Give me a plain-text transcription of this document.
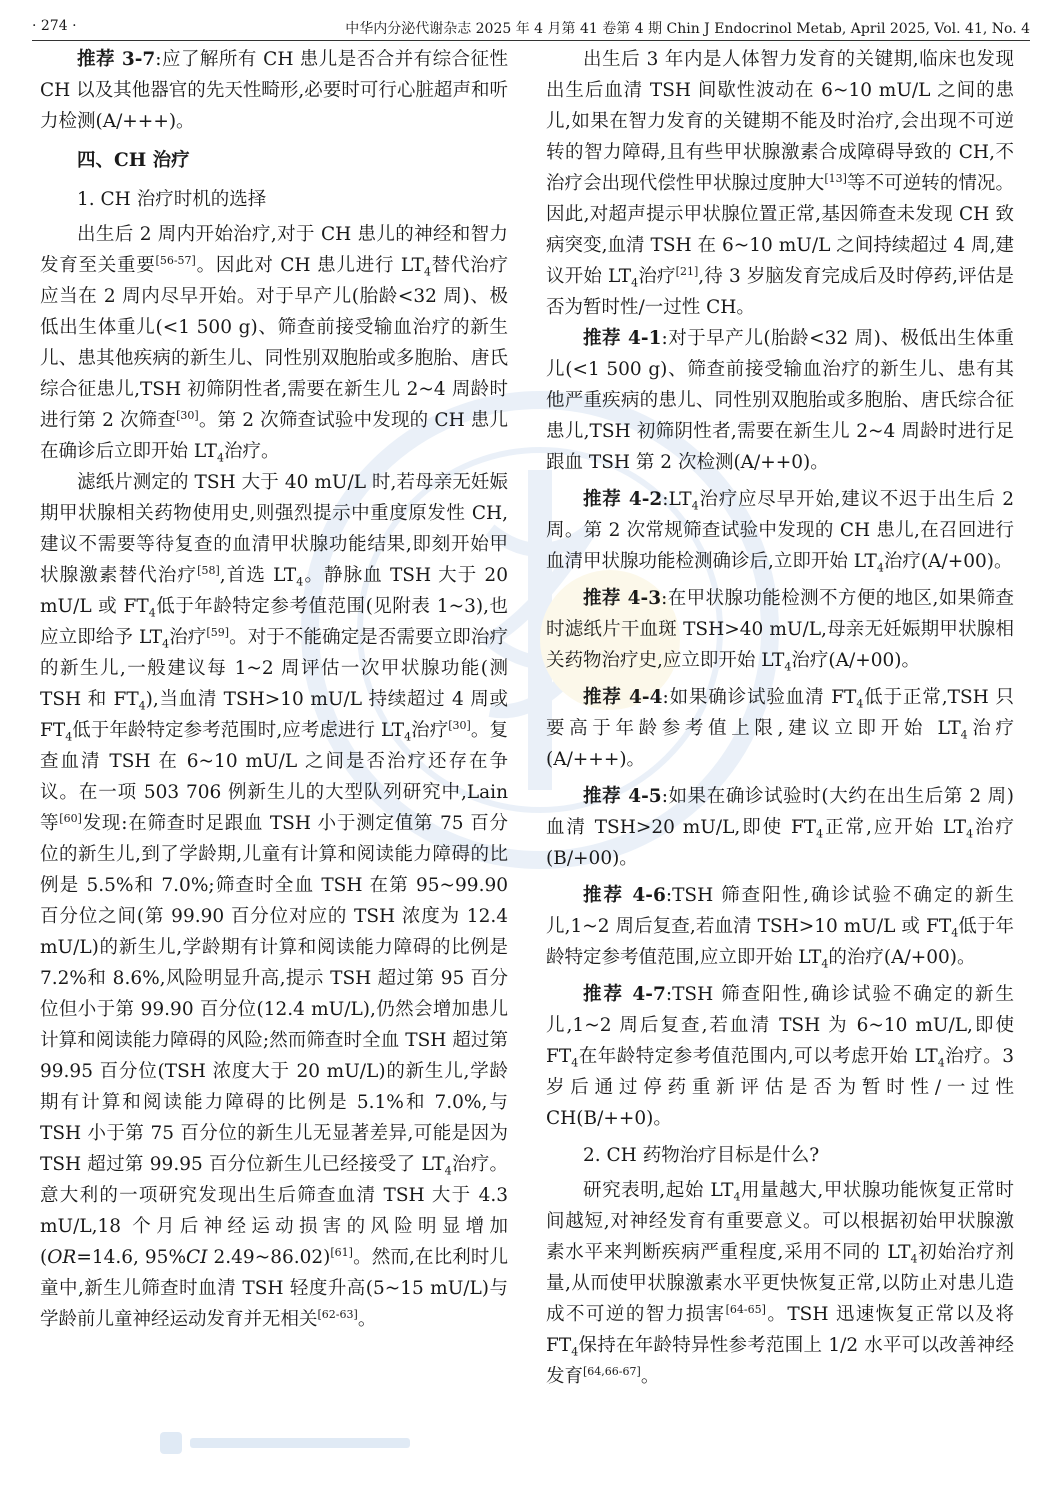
· 274 ·	中华内分泌代谢杂志 2025 年 4 月第 41 卷第 4 期 Chin J Endocrinol Metab, April 2025, Vol. 41, No. 4

推荐 3-7:应了解所有 CH 患儿是否合并有综合征性 CH 以及其他器官的先天性畸形,必要时可行心脏超声和听力检测(A/+++)。

四、CH 治疗

1. CH 治疗时机的选择

出生后 2 周内开始治疗,对于 CH 患儿的神经和智力发育至关重要[56-57]。因此对 CH 患儿进行 $LT_4$替代治疗应当在 2 周内尽早开始。对于早产儿(胎龄<32 周)、极低出生体重儿(<1 500 g)、筛查前接受输血治疗的新生儿、患其他疾病的新生儿、同性别双胞胎或多胞胎、唐氏综合征患儿,TSH 初筛阴性者,需要在新生儿 2~4 周龄时进行第 2 次筛查[30]。第 2 次筛查试验中发现的 CH 患儿在确诊后立即开始 $LT_4$治疗。

滤纸片测定的 TSH 大于 40 mU/L 时,若母亲无妊娠期甲状腺相关药物使用史,则强烈提示中重度原发性 CH,建议不需要等待复查的血清甲状腺功能结果,即刻开始甲状腺激素替代治疗[58],首选 $LT_4$。静脉血 TSH 大于 20 mU/L 或 $FT_4$低于年龄特定参考值范围(见附表 1~3),也应立即给予 $LT_4$治疗[59]。对于不能确定是否需要立即治疗的新生儿,一般建议每 1~2 周评估一次甲状腺功能(测 TSH 和 $FT_4$),当血清 TSH>10 mU/L 持续超过 4 周或 $FT_4$低于年龄特定参考范围时,应考虑进行 $LT_4$治疗[30]。复查血清 TSH 在 6~10 mU/L 之间是否治疗还存在争议。在一项 503 706 例新生儿的大型队列研究中,Lain 等[60]发现:在筛查时足跟血 TSH 小于测定值第 75 百分位的新生儿,到了学龄期,儿童有计算和阅读能力障碍的比例是 5.5%和 7.0%;筛查时全血 TSH 在第 95~99.90 百分位之间(第 99.90 百分位对应的 TSH 浓度为 12.4 mU/L)的新生儿,学龄期有计算和阅读能力障碍的比例是 7.2%和 8.6%,风险明显升高,提示 TSH 超过第 95 百分位但小于第 99.90 百分位(12.4 mU/L),仍然会增加患儿计算和阅读能力障碍的风险;然而筛查时全血 TSH 超过第 99.95 百分位(TSH 浓度大于 20 mU/L)的新生儿,学龄期有计算和阅读能力障碍的比例是 5.1%和 7.0%,与 TSH 小于第 75 百分位的新生儿无显著差异,可能是因为 TSH 超过第 99.95 百分位新生儿已经接受了 $LT_4$治疗。意大利的一项研究发现出生后筛查血清 TSH 大于 4.3 mU/L,18 个月后神经运动损害的风险明显增加(OR=14.6, 95%CI 2.49~86.02)[61]。然而,在比利时儿童中,新生儿筛查时血清 TSH 轻度升高(5~15 mU/L)与学龄前儿童神经运动发育并无相关[62-63]。

出生后 3 年内是人体智力发育的关键期,临床也发现出生后血清 TSH 间歇性波动在 6~10 mU/L 之间的患儿,如果在智力发育的关键期不能及时治疗,会出现不可逆转的智力障碍,且有些甲状腺激素合成障碍导致的 CH,不治疗会出现代偿性甲状腺过度肿大[13]等不可逆转的情况。因此,对超声提示甲状腺位置正常,基因筛查未发现 CH 致病突变,血清 TSH 在 6~10 mU/L 之间持续超过 4 周,建议开始 $LT_4$治疗[21],待 3 岁脑发育完成后及时停药,评估是否为暂时性/一过性 CH。

推荐 4-1:对于早产儿(胎龄<32 周)、极低出生体重儿(<1 500 g)、筛查前接受输血治疗的新生儿、患有其他严重疾病的患儿、同性别双胞胎或多胞胎、唐氏综合征患儿,TSH 初筛阴性者,需要在新生儿 2~4 周龄时进行足跟血 TSH 第 2 次检测(A/++0)。

推荐 $4-2:LT_4$治疗应尽早开始,建议不迟于出生后 2 周。第 2 次常规筛查试验中发现的 CH 患儿,在召回进行血清甲状腺功能检测确诊后,立即开始 $LT_4$治疗(A/+00)。

推荐 4-3:在甲状腺功能检测不方便的地区,如果筛查时滤纸片干血斑 TSH>40 mU/L,母亲无妊娠期甲状腺相关药物治疗史,应立即开始 $LT_4$治疗(A/+00)。

推荐 4-4:如果确诊试验血清 $FT_4$低于正常,TSH 只要高于年龄参考值上限,建议立即开始 $LT_4$治疗(A/+++)。

推荐 4-5:如果在确诊试验时(大约在出生后第 2 周)血清 TSH>20 mU/L,即使 $FT_4$正常,应开始 $LT_4$治疗(B/+00)。

推荐 4-6:TSH 筛查阳性,确诊试验不确定的新生儿,1~2 周后复查,若血清 TSH>10 mU/L 或 $FT_4$低于年龄特定参考值范围,应立即开始 $LT_4$的治疗(A/+00)。

推荐 4-7:TSH 筛查阳性,确诊试验不确定的新生儿,1~2 周后复查,若血清 TSH 为 6~10 mU/L,即使 $FT_4$在年龄特定参考值范围内,可以考虑开始 $LT_4$治疗。3 岁后通过停药重新评估是否为暂时性/一过性 CH(B/++0)。

2. CH 药物治疗目标是什么?

研究表明,起始 $LT_4$用量越大,甲状腺功能恢复正常时间越短,对神经发育有重要意义。可以根据初始甲状腺激素水平来判断疾病严重程度,采用不同的 $LT_4$初始治疗剂量,从而使甲状腺激素水平更快恢复正常,以防止对患儿造成不可逆的智力损害[64-65]。TSH 迅速恢复正常以及将 $FT_4$保持在年龄特异性参考范围上 1/2 水平可以改善神经发育[64,66-67]。
